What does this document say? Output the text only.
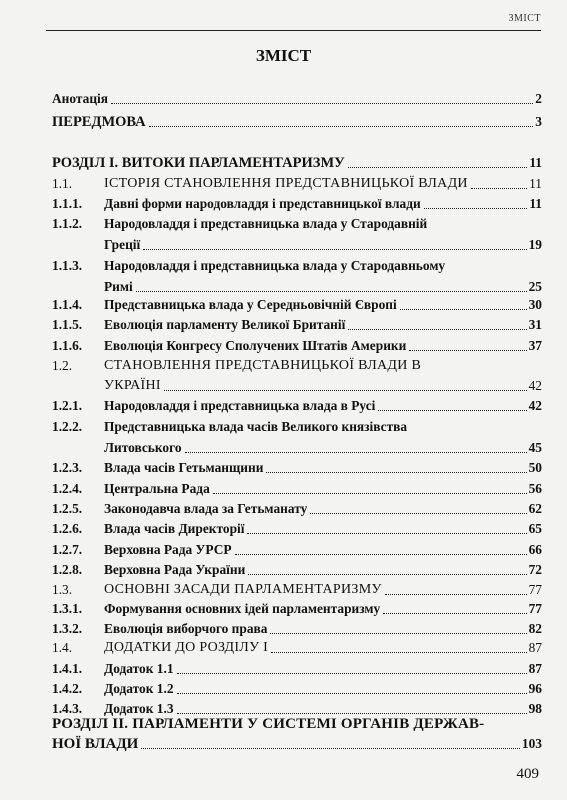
ЗМІСТ
ЗМІСТ
Анотація	2
ПЕРЕДМОВА	3
РОЗДІЛ І. ВИТОКИ ПАРЛАМЕНТАРИЗМУ	11
1.1. ІСТОРІЯ СТАНОВЛЕННЯ ПРЕДСТАВНИЦЬКОЇ ВЛАДИ	11
1.1.1. Давні форми народовладдя і представницької влади	11
1.1.2. Народовладдя і представницька влада у Стародавній
Греції	19
1.1.3. Народовладдя і представницька влада у Стародавньому
Римі	25
1.1.4. Представницька влада у Середньовічній Європі	30
1.1.5. Еволюція парламенту Великої Британії	31
1.1.6. Еволюція Конгресу Сполучених Штатів Америки	37
1.2. СТАНОВЛЕННЯ ПРЕДСТАВНИЦЬКОЇ ВЛАДИ В
УКРАЇНІ	42
1.2.1. Народовладдя і представницька влада в Русі	42
1.2.2. Представницька влада часів Великого князівства
Литовського	45
1.2.3. Влада часів Гетьманщини	50
1.2.4. Центральна Рада	56
1.2.5. Законодавча влада за Гетьманату	62
1.2.6. Влада часів Директорії	65
1.2.7. Верховна Рада УРСР	66
1.2.8. Верховна Рада України	72
1.3. ОСНОВНІ ЗАСАДИ ПАРЛАМЕНТАРИЗМУ	77
1.3.1. Формування основних ідей парламентаризму	77
1.3.2. Еволюція виборчого права	82
1.4. ДОДАТКИ ДО РОЗДІЛУ І	87
1.4.1. Додаток 1.1	87
1.4.2. Додаток 1.2	96
1.4.3. Додаток 1.3	98
РОЗДІЛ ІІ. ПАРЛАМЕНТИ У СИСТЕМІ ОРГАНІВ ДЕРЖАВ-
НОЇ ВЛАДИ	103
409
